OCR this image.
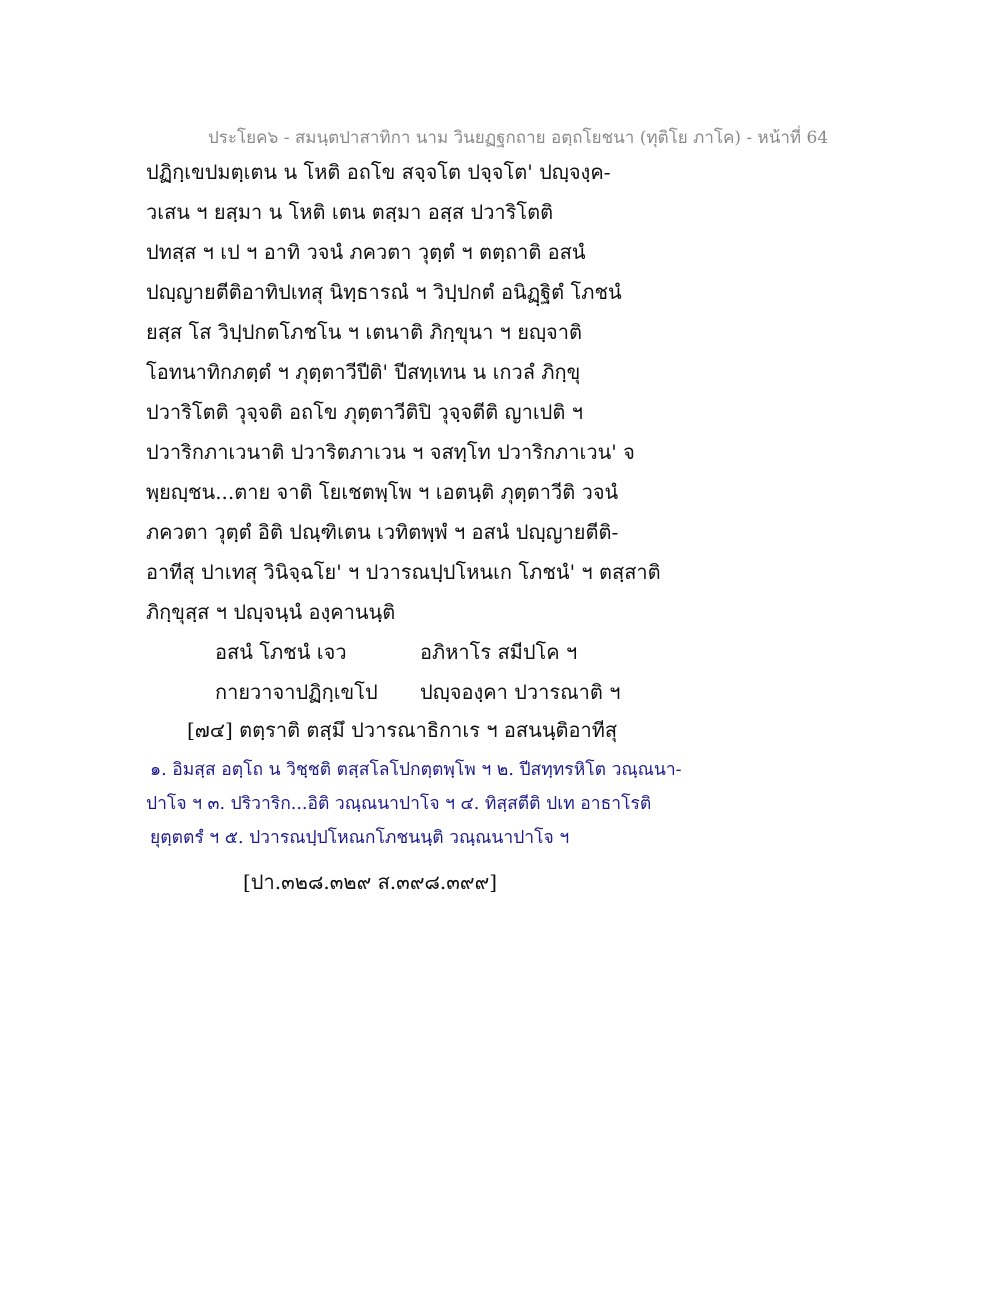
ประโยค๖ - สมนฺตปาสาทิกา นาม วินยฏฐกถาย อตฺถโยชนา (ทุติโย ภาโค) - หน้าที่ 64
ปฏิกฺเขปมตฺเตน น โหติ อถโข สจฺจโต ปจฺจโต' ปญฺจงฺค-
วเสน ฯ ยสฺมา น โหติ เตน ตสฺมา อสฺส ปวาริโตติ
ปทสฺส ฯ เป ฯ อาทิ วจนํ ภควตา วุตฺตํ ฯ ตตฺถาติ อสนํ
ปญฺญายตีติอาทิปเทสุ นิทฺธารณํ ฯ วิปฺปกตํ อนิฏฺฐิตํ โภชนํ
ยสฺส โส วิปฺปกตโภชโน ฯ เตนาติ ภิกฺขุนา ฯ ยญฺจาติ
โอทนาทิกภตฺตํ ฯ ภุตฺตาวีปีติ' ปีสทฺเทน น เกวลํ ภิกฺขุ
ปวาริโตติ วุจฺจติ อถโข ภุตฺตาวีติปิ วุจฺจตีติ ญาเปติ ฯ
ปวาริกภาเวนาติ ปวาริตภาเวน ฯ จสทฺโท ปวาริกภาเวน' จ
พฺยญฺชน...ตาย จาติ โยเชตพฺโพ ฯ เอตนฺติ ภุตฺตาวีติ วจนํ
ภควตา วุตฺตํ อิติ ปณฺฑิเตน เวทิตพฺพํ ฯ อสนํ ปญฺญายตีติ-
อาทีสุ ปาเทสุ วินิจฺฉโย' ฯ ปวารณปฺปโหนเก โภชนํ' ฯ ตสฺสาติ
ภิกฺขุสฺส ฯ ปญฺจนฺนํ องฺคานนฺติ
อสนํ โภชนํ เจว	อภิหาโร สมีปโค ฯ
กายวาจาปฏิกฺเขโป ปญฺจองฺคา ปวารณาติ ฯ
[๗๔] ตตฺราติ ตสฺมึ ปวารณาธิกาเร ฯ อสนนฺติอาทีสุ
๑. อิมสฺส อตฺโถ น วิชฺชติ ตสฺสโลโปกตฺตพฺโพ ฯ ๒. ปีสทฺทรหิโต วณฺณนา-
ปาโจ ฯ ๓. ปริวาริก...อิติ วณฺณนาปาโจ ฯ ๔. ทิสฺสตีติ ปเท อาธาโรติ
ยุตฺตตรํ ฯ ๕. ปวารณปฺปโหณกโภชนนฺติ วณฺณนาปาโจ ฯ
[ปา.๓๒๘.๓๒๙ ส.๓๙๘.๓๙๙]
